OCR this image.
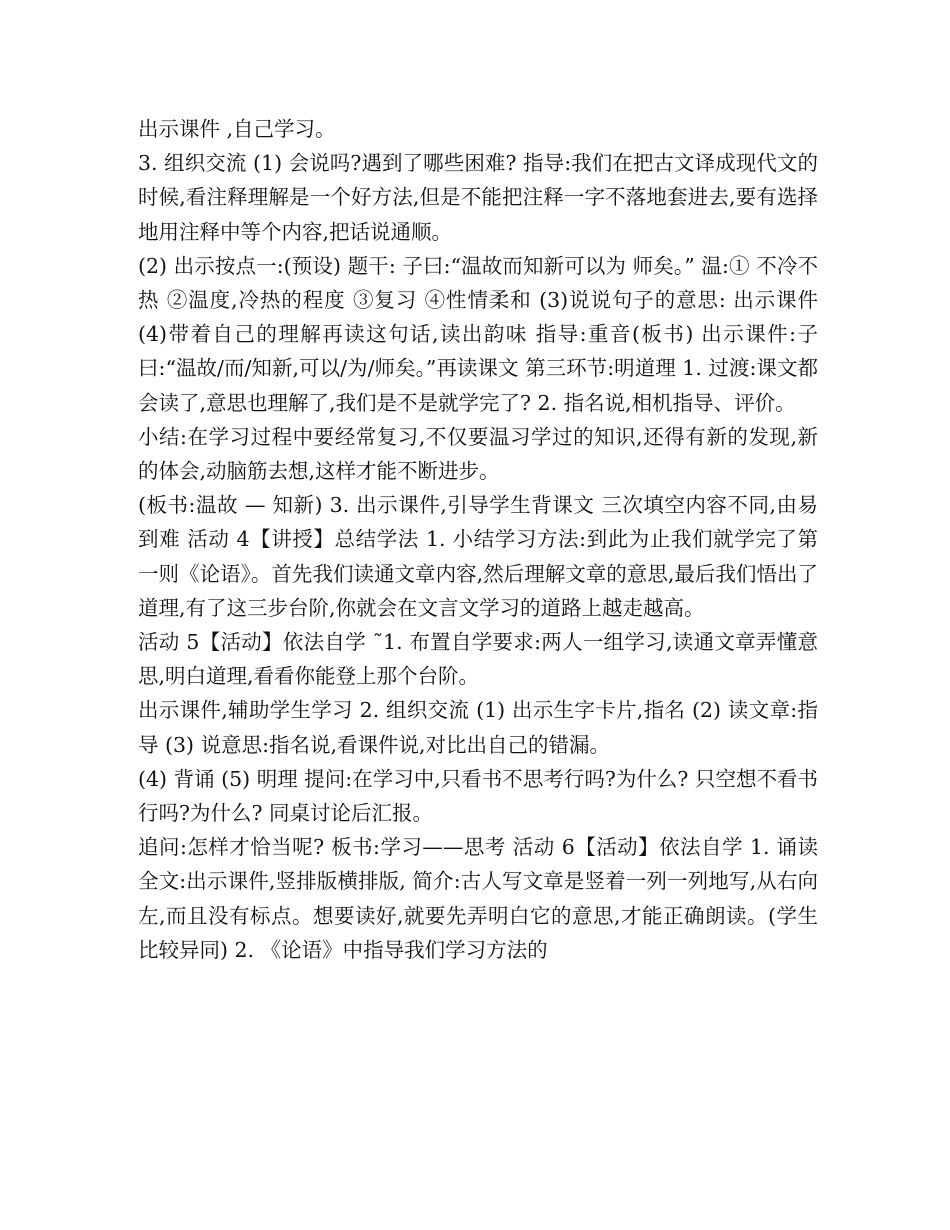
出示课件 ,自己学习。

3. 组织交流 (1) 会说吗?遇到了哪些困难? 指导:我们在把古文译成现代文的时候,看注释理解是一个好方法,但是不能把注释一字不落地套进去,要有选择地用注释中等个内容,把话说通顺。

(2) 出示按点一:(预设) 题干: 子曰:“温故而知新可以为 师矣。” 温:① 不冷不热 ②温度,冷热的程度 ③复习 ④性情柔和 (3)说说句子的意思: 出示课件 (4)带着自己的理解再读这句话,读出韵味 指导:重音(板书) 出示课件:子曰:“温故/而/知新,可以/为/师矣。”再读课文 第三环节:明道理 1. 过渡:课文都会读了,意思也理解了,我们是不是就学完了? 2. 指名说,相机指导、评价。

小结:在学习过程中要经常复习,不仅要温习学过的知识,还得有新的发现,新的体会,动脑筋去想,这样才能不断进步。

(板书:温故 — 知新) 3. 出示课件,引导学生背课文 三次填空内容不同,由易到难 活动 4【讲授】总结学法 1. 小结学习方法:到此为止我们就学完了第一则《论语》。首先我们读通文章内容,然后理解文章的意思,最后我们悟出了道理,有了这三步台阶,你就会在文言文学习的道路上越走越高。

活动 5【活动】依法自学 ˜1. 布置自学要求:两人一组学习,读通文章弄懂意思,明白道理,看看你能登上那个台阶。

出示课件,辅助学生学习 2. 组织交流 (1) 出示生字卡片,指名 (2) 读文章:指导 (3) 说意思:指名说,看课件说,对比出自己的错漏。

(4) 背诵 (5) 明理 提问:在学习中,只看书不思考行吗?为什么? 只空想不看书行吗?为什么? 同桌讨论后汇报。

追问:怎样才恰当呢? 板书:学习——思考 活动 6【活动】依法自学 1. 诵读全文:出示课件,竖排版横排版, 简介:古人写文章是竖着一列一列地写,从右向左,而且没有标点。想要读好,就要先弄明白它的意思,才能正确朗读。(学生比较异同) 2. 《论语》中指导我们学习方法的
